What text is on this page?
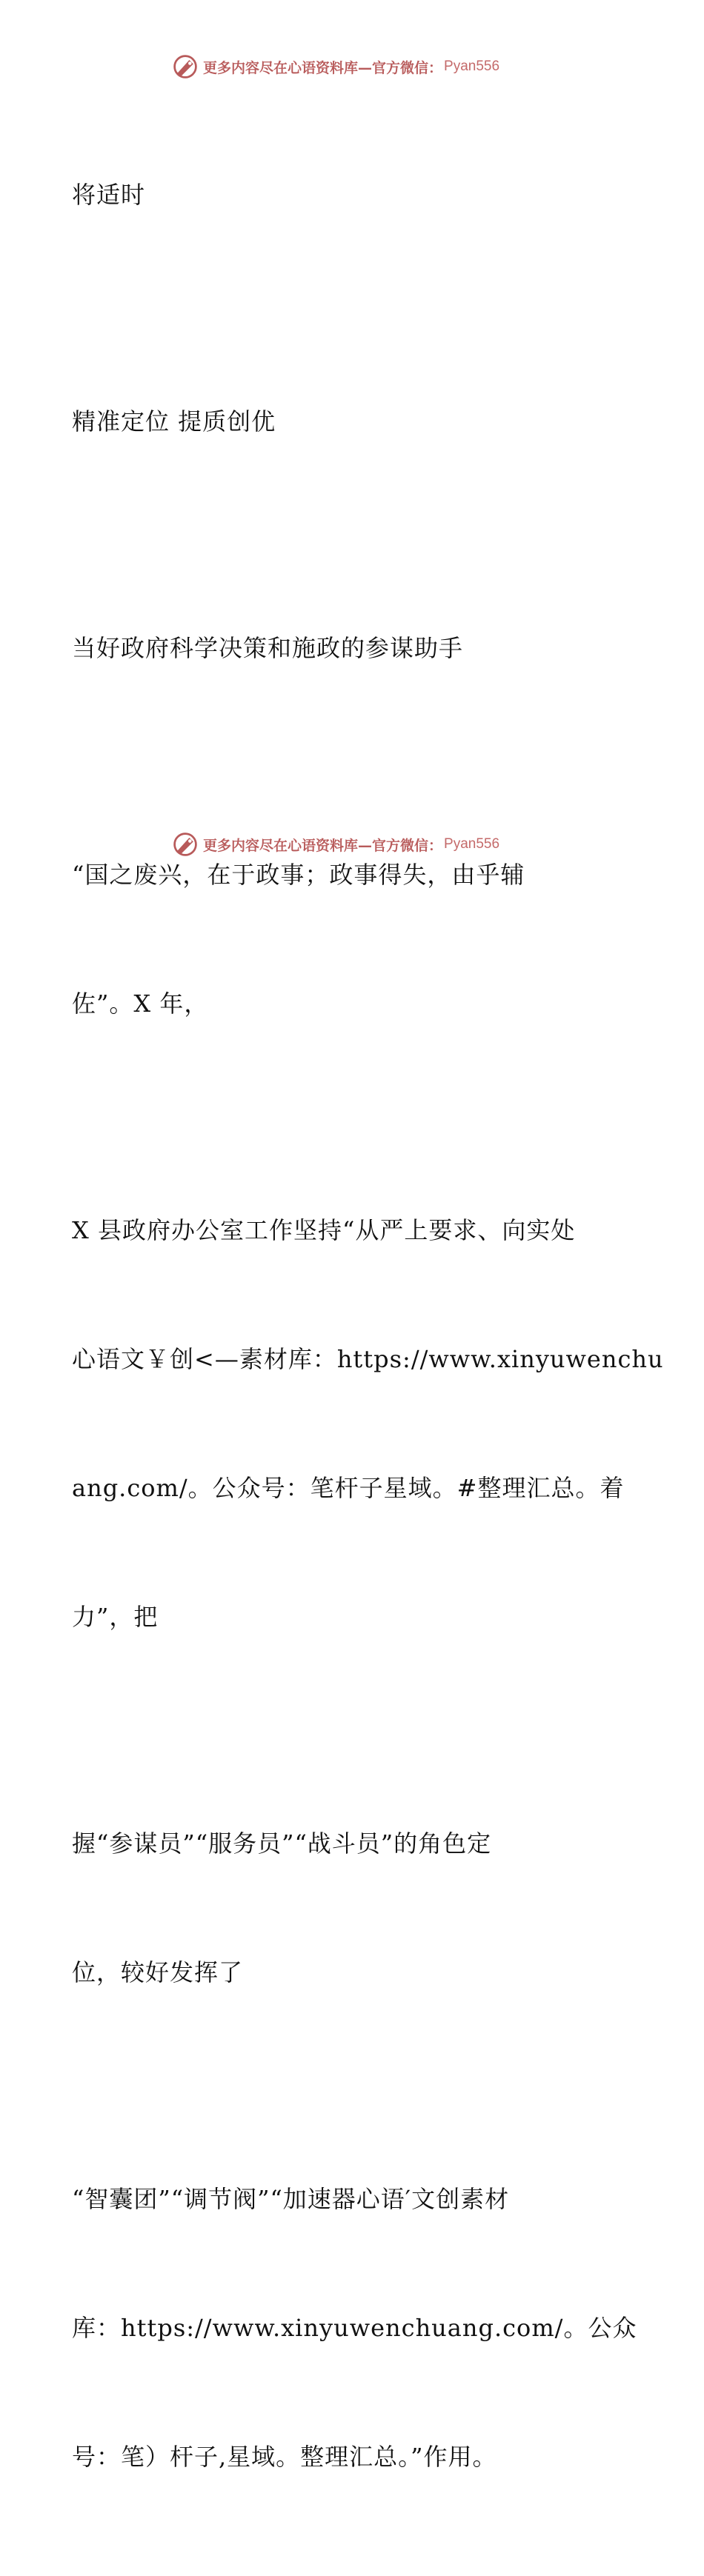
更多内容尽在心语资料库—官方微信： Pyan556

将适时

精准定位 提质创优

当好政府科学决策和施政的参谋助手

“国之废兴，在于政事；政事得失，由乎辅

佐”。X 年，

X 县政府办公室工作坚持“从严上要求、向实处

心语文￥创<—素材库：https://www.xinyuwenchu

ang.com/。公众号：笔杆子星域。#整理汇总。着

力”，把

握“参谋员”“服务员”“战斗员”的角色定

位，较好发挥了

“智囊团”“调节阀”“加速器心语′文创素材

库：https://www.xinyuwenchuang.com/。公众

号：笔）杆子,星域。整理汇总。”作用。

更多内容尽在心语资料库—官方微信： Pyan556
